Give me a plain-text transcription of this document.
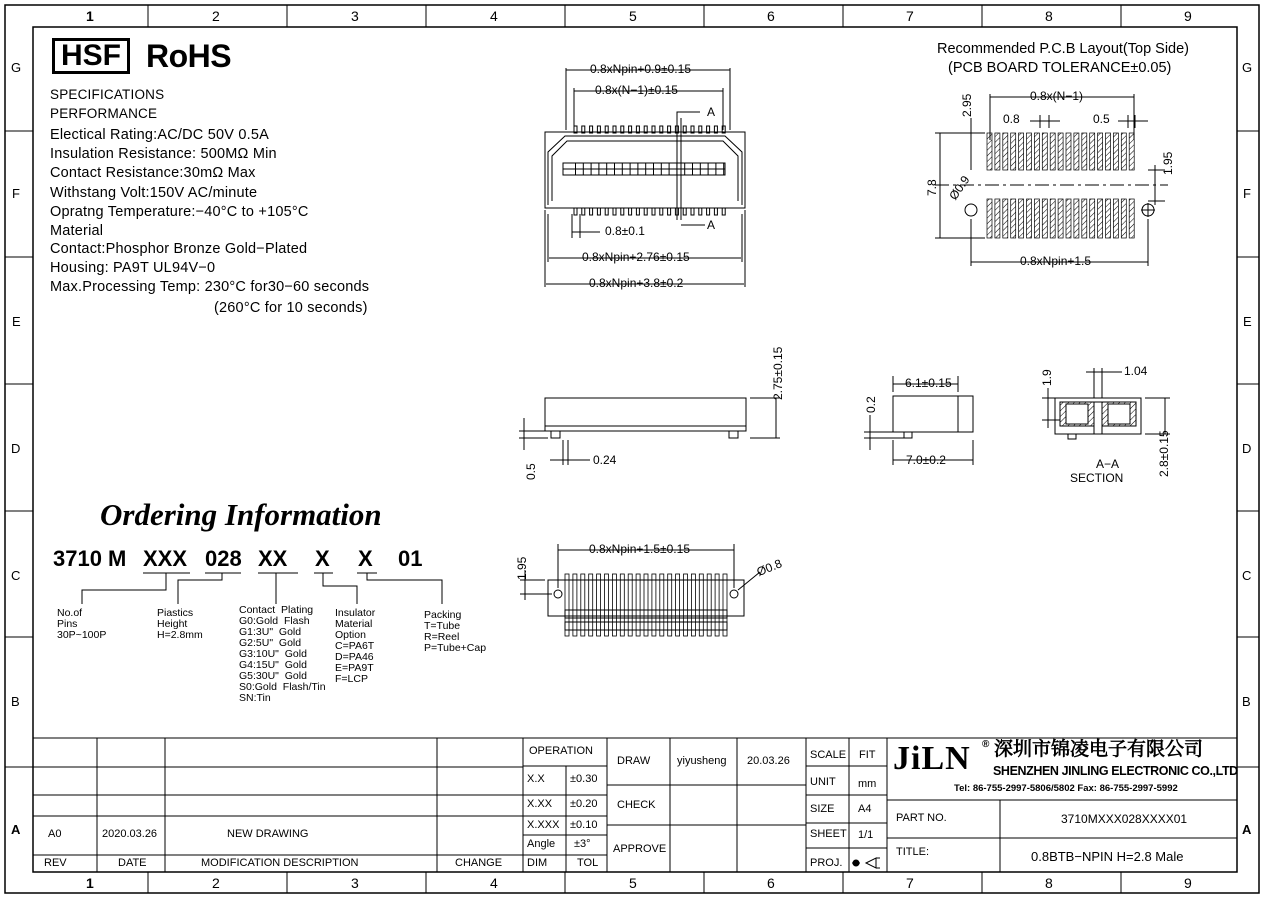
1	2	3	4	5	6	7	8	9
1	2	3	4	5	6	7	8	9
G
F
E
D
C
B
A
G
F
E
D
C
B
A
HSF RoHS
SPECIFICATIONS
PERFORMANCE
Electical Rating:AC/DC 50V 0.5A
Insulation Resistance: 500MΩ Min
Contact Resistance:30mΩ Max
Withstang Volt:150V AC/minute
Opratng Temperature:−40°C to +105°C
Material
Contact:Phosphor Bronze Gold−Plated
Housing: PA9T UL94V−0
Max.Processing Temp: 230°C for30−60 seconds
(260°C for 10 seconds)
Ordering Information
3710 M XXX 028 XX X X 01
No.of
Pins
30P~100P
Piastics
Height
H=2.8mm
Contact  Plating
G0:Gold  Flash
G1:3U"  Gold
G2:5U"  Gold
G3:10U"  Gold
G4:15U"  Gold
G5:30U"  Gold
S0:Gold  Flash/Tin
SN:Tin
Insulator
Material
Option
C=PA6T
D=PA46
E=PA9T
F=LCP
Packing
T=Tube
R=Reel
P=Tube+Cap
0.8xNpin+0.9±0.15
0.8x(N−1)±0.15
A
A
0.8±0.1
0.8xNpin+2.76±0.15
0.8xNpin+3.8±0.2
Recommended P.C.B Layout(Top Side)
(PCB BOARD TOLERANCE±0.05)
0.8x(N−1)
0.8	0.5
2.95
7.8
1.95
Ø0.9
0.8xNpin+1.5
2.75±0.15
0.5
0.24
6.1±0.15
0.2
7.0±0.2
1.9	1.04
A−A
SECTION
2.8±0.15
0.8xNpin+1.5±0.15
1.95	Ø0.8
A0	2020.03.26	NEW DRAWING
REV	DATE	MODIFICATION DESCRIPTION	CHANGE
OPERATION
X.X ±0.30
X.XX ±0.20
X.XXX ±0.10
Angle ±3°
DIM	TOL
DRAW yiyusheng 20.03.26
CHECK
APPROVE
SCALE FIT
UNIT mm
SIZE A4
SHEET 1/1
PROJ.
JiLN ® 深圳市锦凌电子有限公司
SHENZHEN JINLING ELECTRONIC CO.,LTD
Tel: 86-755-2997-5806/5802 Fax: 86-755-2997-5992
PART NO.	3710MXXX028XXXX01
TITLE:	0.8BTB−NPIN H=2.8 Male
